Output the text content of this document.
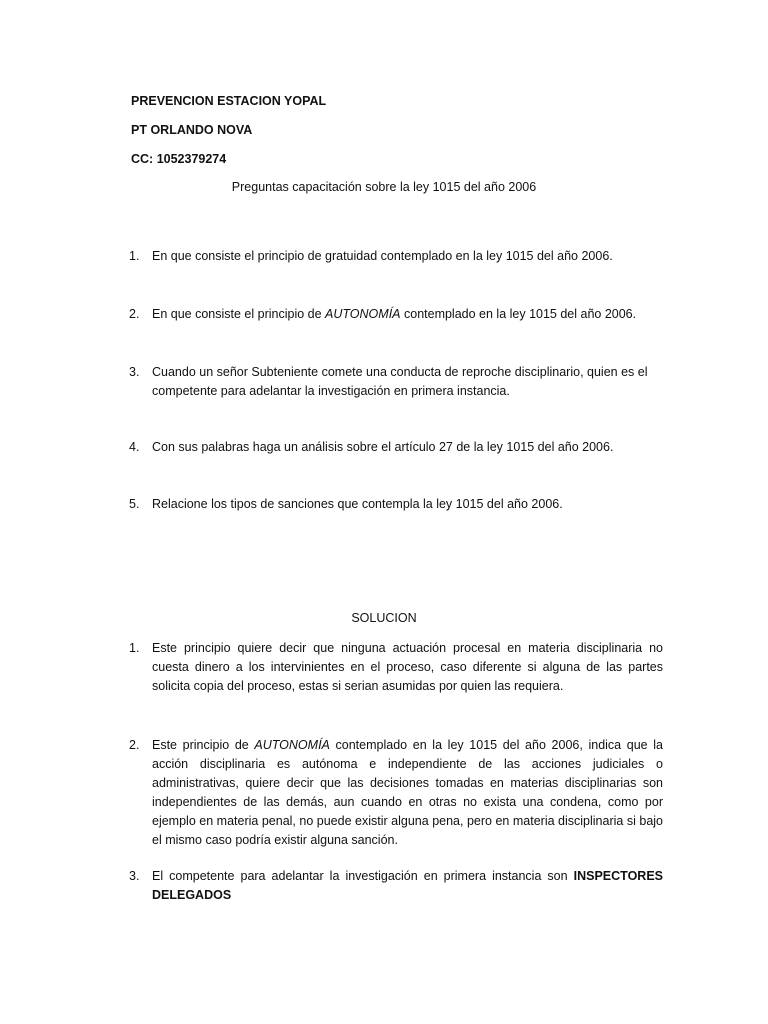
PREVENCION ESTACION YOPAL

PT ORLANDO NOVA

CC: 1052379274

Preguntas capacitación sobre la ley 1015 del año 2006

1. En que consiste el principio de gratuidad contemplado en la ley 1015 del año 2006.
2. En que consiste el principio de AUTONOMÍA contemplado en la ley 1015 del año 2006.
3. Cuando un señor Subteniente comete una conducta de reproche disciplinario, quien es el competente para adelantar la investigación en primera instancia.
4. Con sus palabras haga un análisis sobre el artículo 27 de la ley 1015 del año 2006.
5. Relacione los tipos de sanciones que contempla la ley 1015 del año 2006.

SOLUCION

1. Este principio quiere decir que ninguna actuación procesal en materia disciplinaria no cuesta dinero a los intervinientes en el proceso, caso diferente si alguna de las partes solicita copia del proceso, estas si serian asumidas por quien las requiera.
2. Este principio de AUTONOMÍA contemplado en la ley 1015 del año 2006, indica que la acción disciplinaria es autónoma e independiente de las acciones judiciales o administrativas, quiere decir que las decisiones tomadas en materias disciplinarias son independientes de las demás, aun cuando en otras no exista una condena, como por ejemplo en materia penal, no puede existir alguna pena, pero en materia disciplinaria si bajo el mismo caso podría existir alguna sanción.
3. El competente para adelantar la investigación en primera instancia son INSPECTORES DELEGADOS
